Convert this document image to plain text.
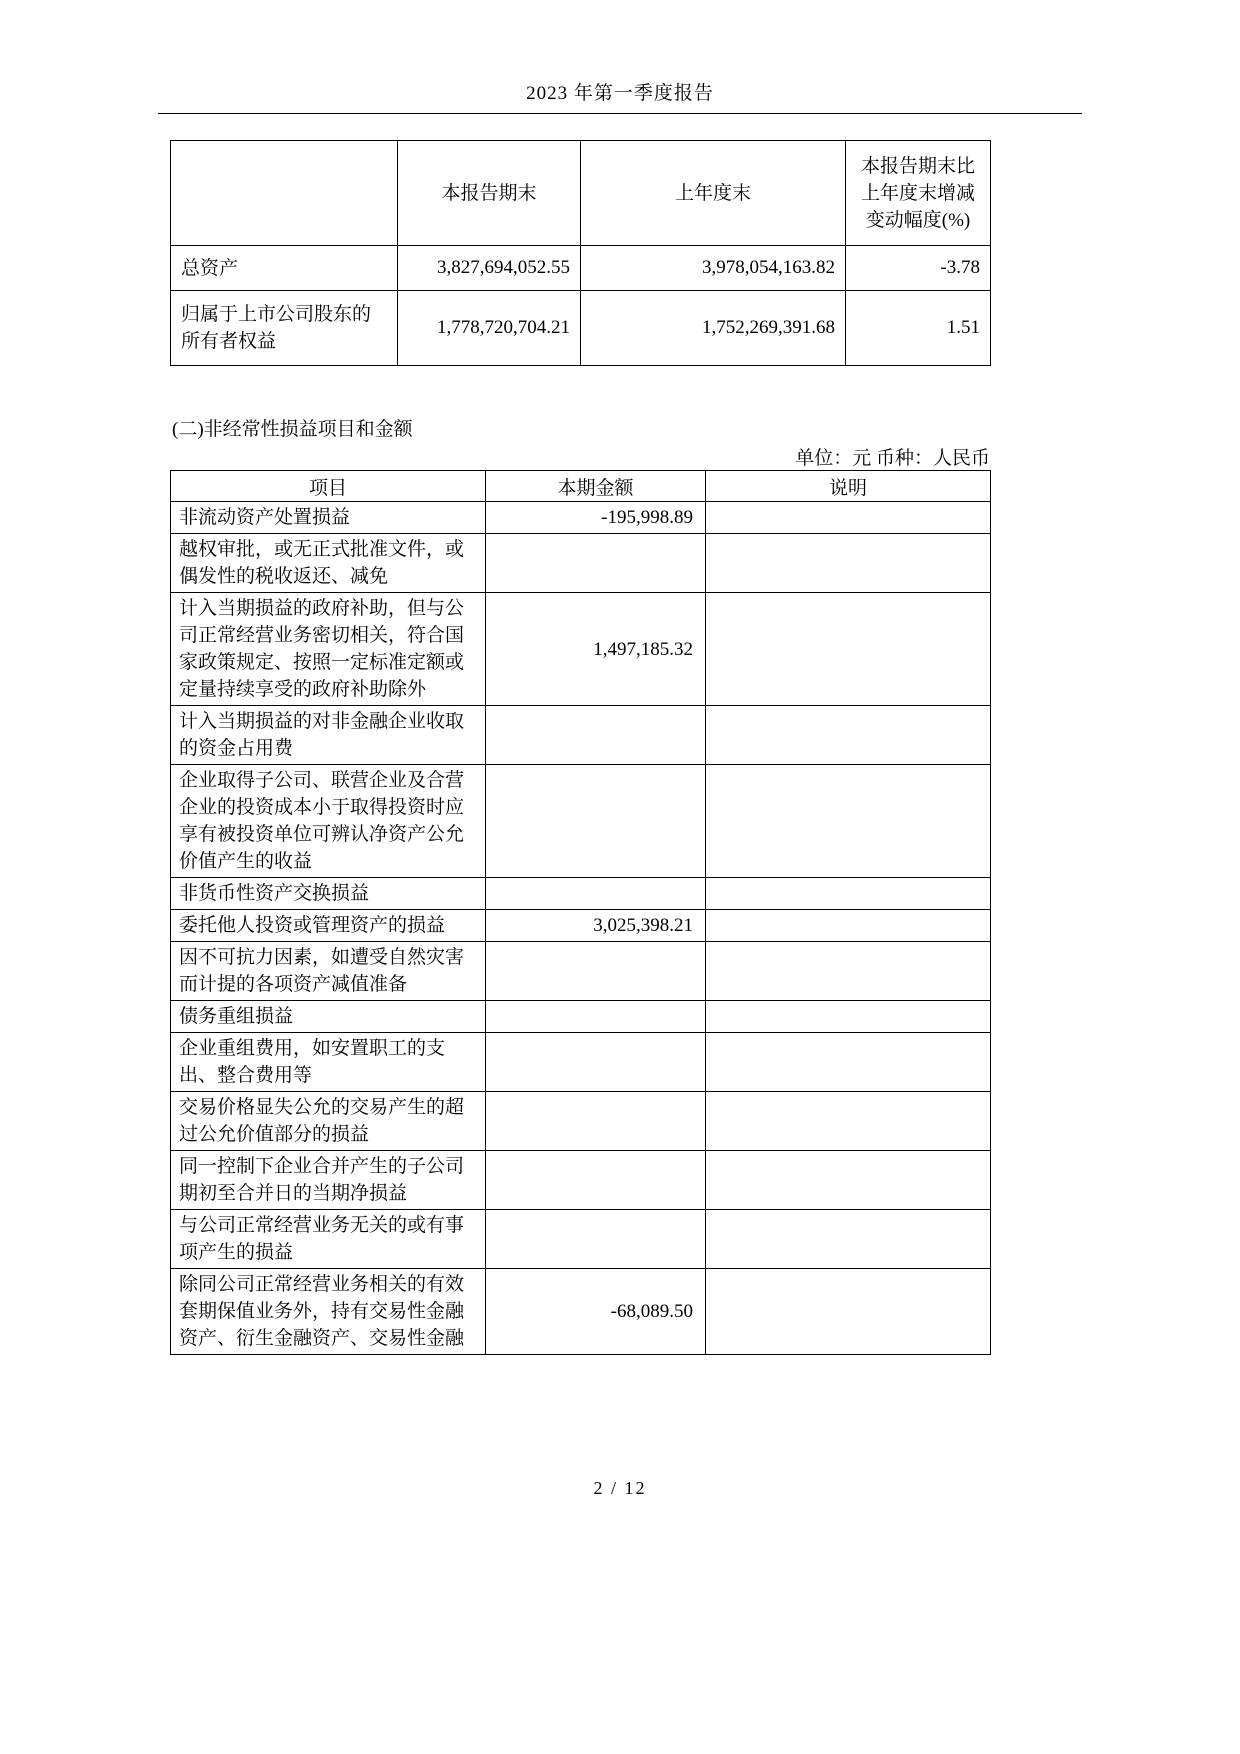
2023 年第一季度报告
	本报告期末	上年度末	本报告期末比上年度末增减变动幅度(%)
总资产	3,827,694,052.55	3,978,054,163.82	-3.78
归属于上市公司股东的所有者权益	1,778,720,704.21	1,752,269,391.68	1.51
(二)非经常性损益项目和金额
单位：元 币种：人民币
项目	本期金额	说明
非流动资产处置损益	-195,998.89	
越权审批，或无正式批准文件，或偶发性的税收返还、减免		
计入当期损益的政府补助，但与公司正常经营业务密切相关，符合国家政策规定、按照一定标准定额或定量持续享受的政府补助除外	1,497,185.32	
计入当期损益的对非金融企业收取的资金占用费		
企业取得子公司、联营企业及合营企业的投资成本小于取得投资时应享有被投资单位可辨认净资产公允价值产生的收益		
非货币性资产交换损益		
委托他人投资或管理资产的损益	3,025,398.21	
因不可抗力因素，如遭受自然灾害而计提的各项资产减值准备		
债务重组损益		
企业重组费用，如安置职工的支出、整合费用等		
交易价格显失公允的交易产生的超过公允价值部分的损益		
同一控制下企业合并产生的子公司期初至合并日的当期净损益		
与公司正常经营业务无关的或有事项产生的损益		
除同公司正常经营业务相关的有效套期保值业务外，持有交易性金融资产、衍生金融资产、交易性金融	-68,089.50	
2 / 12
